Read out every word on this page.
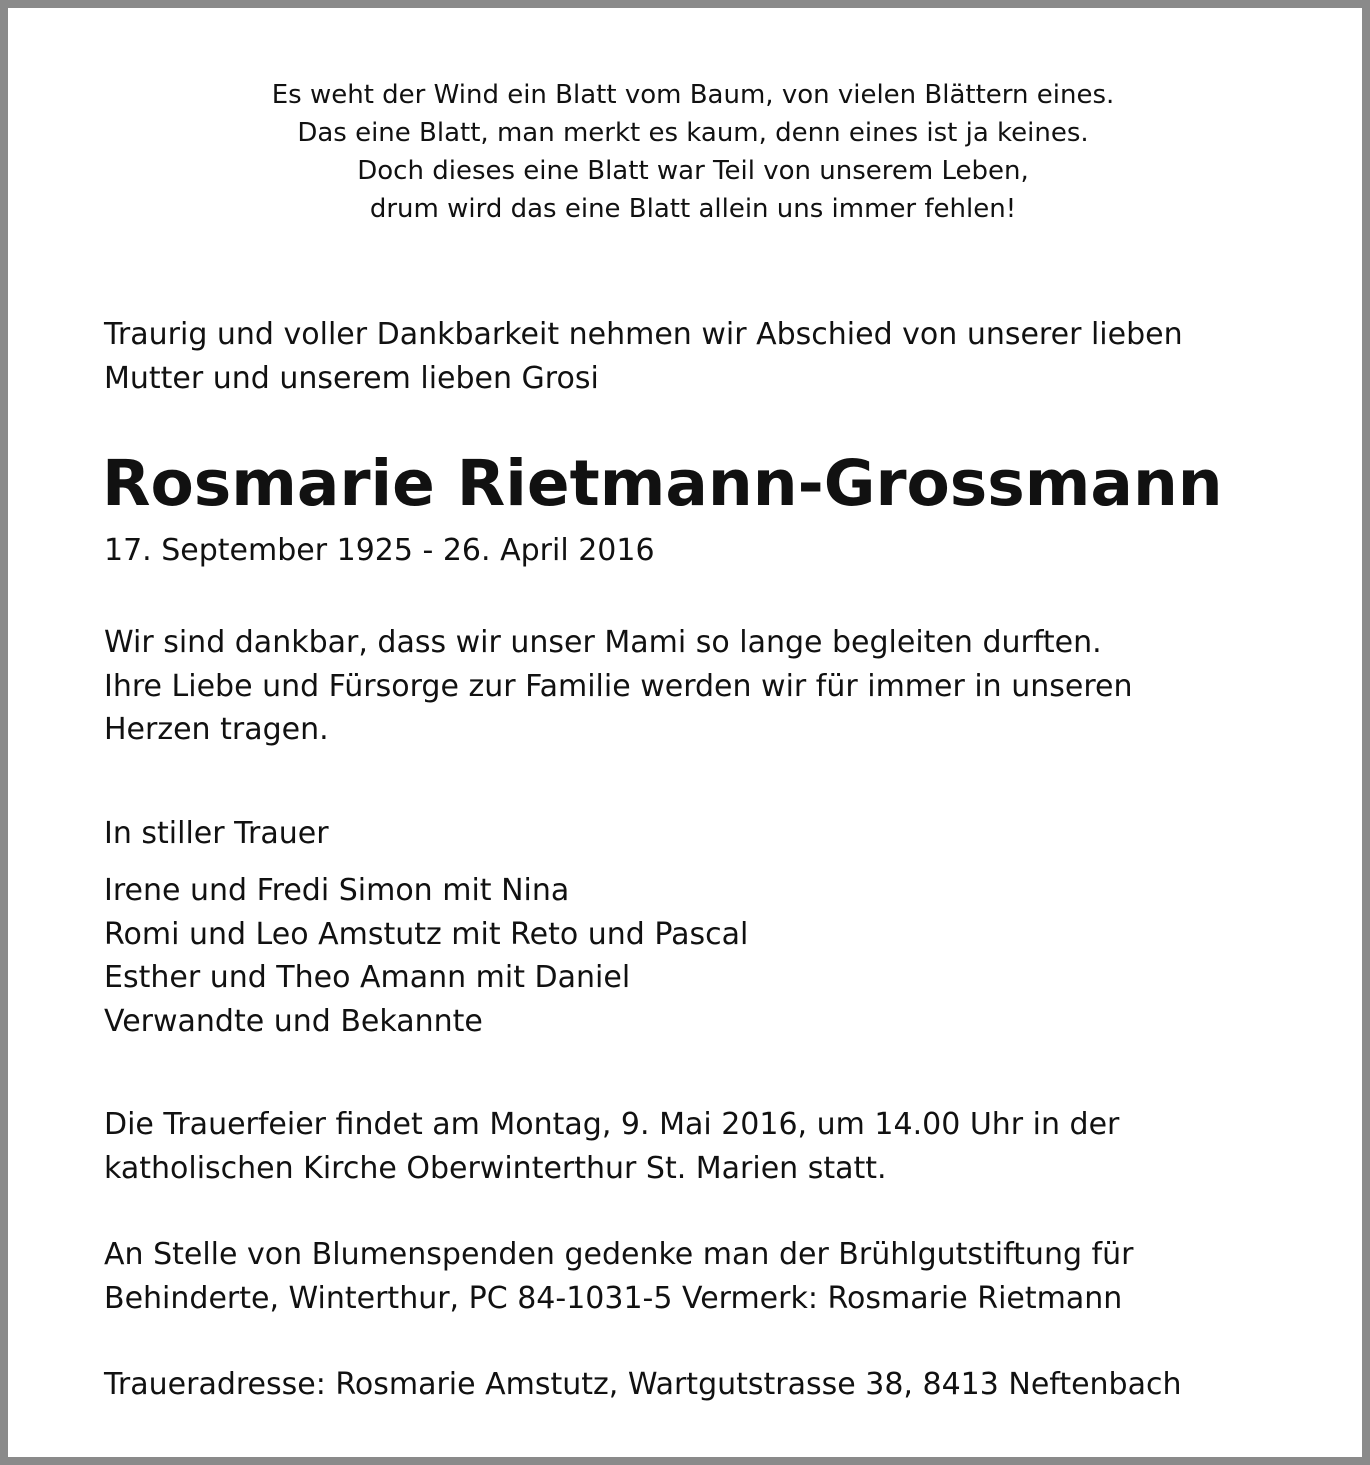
Es weht der Wind ein Blatt vom Baum, von vielen Blättern eines.
Das eine Blatt, man merkt es kaum, denn eines ist ja keines.
Doch dieses eine Blatt war Teil von unserem Leben,
drum wird das eine Blatt allein uns immer fehlen!
Traurig und voller Dankbarkeit nehmen wir Abschied von unserer lieben
Mutter und unserem lieben Grosi
Rosmarie Rietmann-Grossmann
17. September 1925 - 26. April 2016
Wir sind dankbar, dass wir unser Mami so lange begleiten durften.
Ihre Liebe und Fürsorge zur Familie werden wir für immer in unseren
Herzen tragen.
In stiller Trauer
Irene und Fredi Simon mit Nina
Romi und Leo Amstutz mit Reto und Pascal
Esther und Theo Amann mit Daniel
Verwandte und Bekannte
Die Trauerfeier findet am Montag, 9. Mai 2016, um 14.00 Uhr in der
katholischen Kirche Oberwinterthur St. Marien statt.
An Stelle von Blumenspenden gedenke man der Brühlgutstiftung für
Behinderte, Winterthur, PC 84-1031-5 Vermerk: Rosmarie Rietmann
Traueradresse: Rosmarie Amstutz, Wartgutstrasse 38, 8413 Neftenbach
